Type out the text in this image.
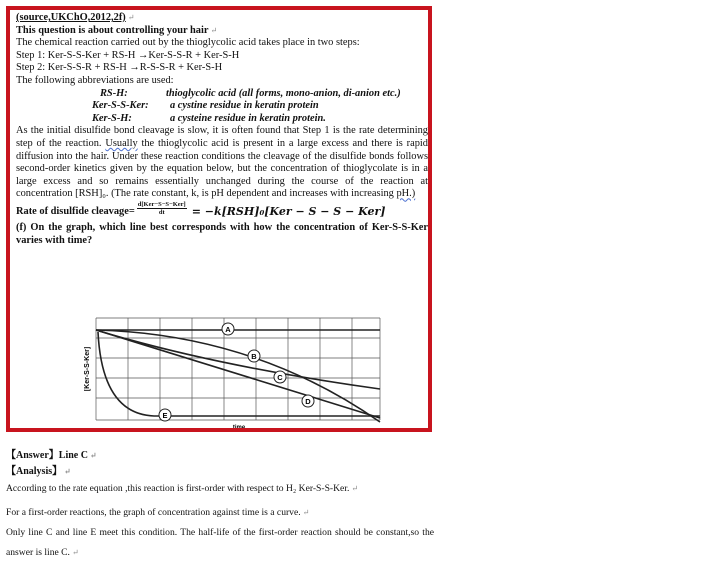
(source,UKChO,2012,2f) ↵

This question is about controlling your hair ↵

The chemical reaction carried out by the thioglycolic acid takes place in two steps:

Step 1: Ker-S-S-Ker + RS-H →Ker-S-S-R + Ker-S-H

Step 2: Ker-S-S-R + RS-H →R-S-S-R + Ker-S-H

The following abbreviations are used:

RS-H:	thioglycolic acid (all forms, mono-anion, di-anion etc.)
Ker-S-S-Ker:	a cystine residue in keratin protein
Ker-S-H:	a cysteine residue in keratin protein.

As the initial disulfide bond cleavage is slow, it is often found that Step 1 is the rate determining step of the reaction. Usually the thioglycolic acid is present in a large excess and there is rapid diffusion into the hair. Under these reaction conditions the cleavage of the disulfide bonds follows second-order kinetics given by the equation below, but the concentration of thioglycolate is in a large excess and so remains essentially unchanged during the course of the reaction at concentration [RSH]₀. (The rate constant, k, is pH dependent and increases with increasing pH.)

Rate of disulfide cleavage= $\frac{\text{d[Ker−S−S−Ker]}}{dt} = -k[RSH]_0[Ker - S - S - Ker]$

(f) On the graph, which line best corresponds with how the concentration of Ker-S-S-Ker varies with time?

A
B
C
D
E
[Ker-S-S-Ker]
time

【Answer】Line C ↵

【Analysis】 ↵

According to the rate equation ,this reaction is first-order with respect to H₂ Ker-S-S-Ker. ↵

For a first-order reactions, the graph of concentration against time is a curve. ↵

Only line C and line E meet this condition. The half-life of the first-order reaction should be constant,so the answer is line C. ↵
